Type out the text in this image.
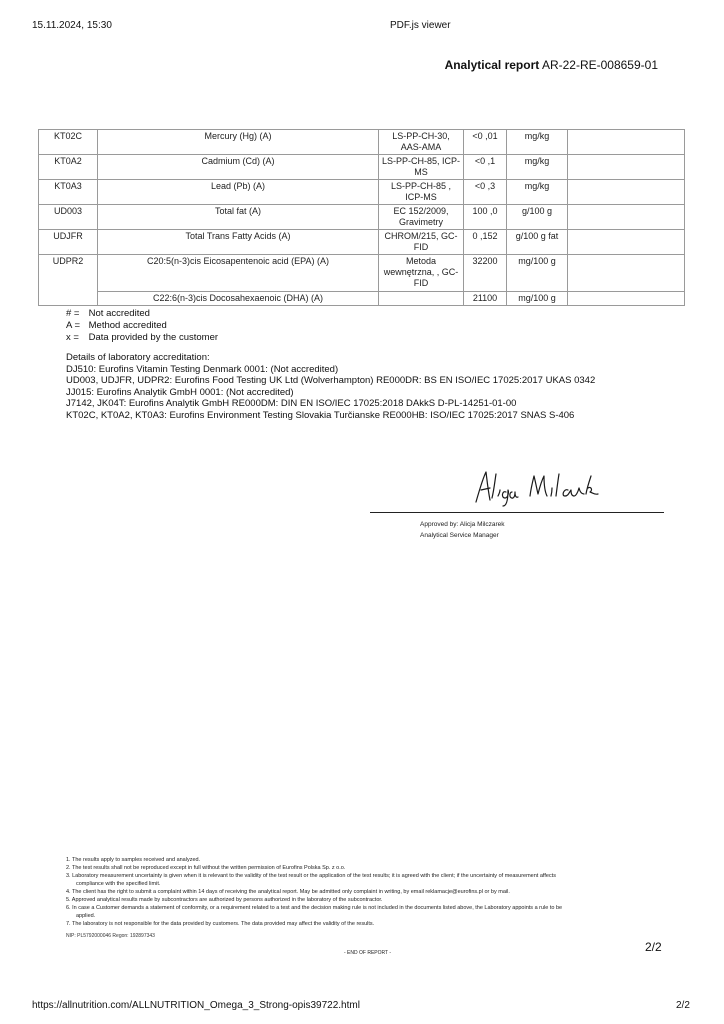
15.11.2024, 15:30	PDF.js viewer
Analytical report AR-22-RE-008659-01
KT02C	Mercury (Hg) (A)	LS-PP-CH-30, AAS-AMA	<0 ,01	mg/kg	
KT0A2	Cadmium (Cd) (A)	LS-PP-CH-85, ICP-MS	<0 ,1	mg/kg	
KT0A3	Lead (Pb) (A)	LS-PP-CH-85 , ICP-MS	<0 ,3	mg/kg	
UD003	Total fat (A)	EC 152/2009, Gravimetry	100 ,0	g/100 g	
UDJFR	Total Trans Fatty Acids (A)	CHROM/215, GC-FID	0 ,152	g/100 g fat	
UDPR2	C20:5(n-3)cis Eicosapentenoic acid (EPA) (A)	Metoda wewnętrzna, , GC-FID	32200	mg/100 g	
	C22:6(n-3)cis Docosahexaenoic (DHA) (A)		21100	mg/100 g	
# = Not accredited
A = Method accredited
x = Data provided by the customer
Details of laboratory accreditation:
DJ510: Eurofins Vitamin Testing Denmark 0001: (Not accredited)
UD003, UDJFR, UDPR2: Eurofins Food Testing UK Ltd (Wolverhampton) RE000DR: BS EN ISO/IEC 17025:2017 UKAS 0342
JJ015: Eurofins Analytik GmbH 0001: (Not accredited)
J7142, JK04T: Eurofins Analytik GmbH RE000DM: DIN EN ISO/IEC 17025:2018 DAkkS D-PL-14251-01-00
KT02C, KT0A2, KT0A3: Eurofins Environment Testing Slovakia Turčianske RE000HB: ISO/IEC 17025:2017 SNAS S-406
Approved by: Alicja Milczarek
Analytical Service Manager
1. The results apply to samples received and analyzed.
2. The test results shall not be reproduced except in full without the written permission of Eurofins Polska Sp. z o.o.
3. Laboratory measurement uncertainty is given when it is relevant to the validity of the test result or the application of the test results; it is agreed with the client; if the uncertainty of measurement affects
compliance with the specified limit.
4. The client has the right to submit a complaint within 14 days of receiving the analytical report. May be admitted only complaint in writing, by email reklamacje@eurofins.pl or by mail.
5. Approved analytical results made by subcontractors are authorized by persons authorized in the laboratory of the subcontractor.
6. In case a Customer demands a statement of conformity, or a requirement related to a test and the decision making rule is not included in the documents listed above, the Laboratory appoints a rule to be
applied.
7. The laboratory is not responsible for the data provided by customers. The data provided may affect the validity of the results.
NIP: PL5792000046 Regon: 192897343
2/2
- END OF REPORT -
https://allnutrition.com/ALLNUTRITION_Omega_3_Strong-opis39722.html	2/2
